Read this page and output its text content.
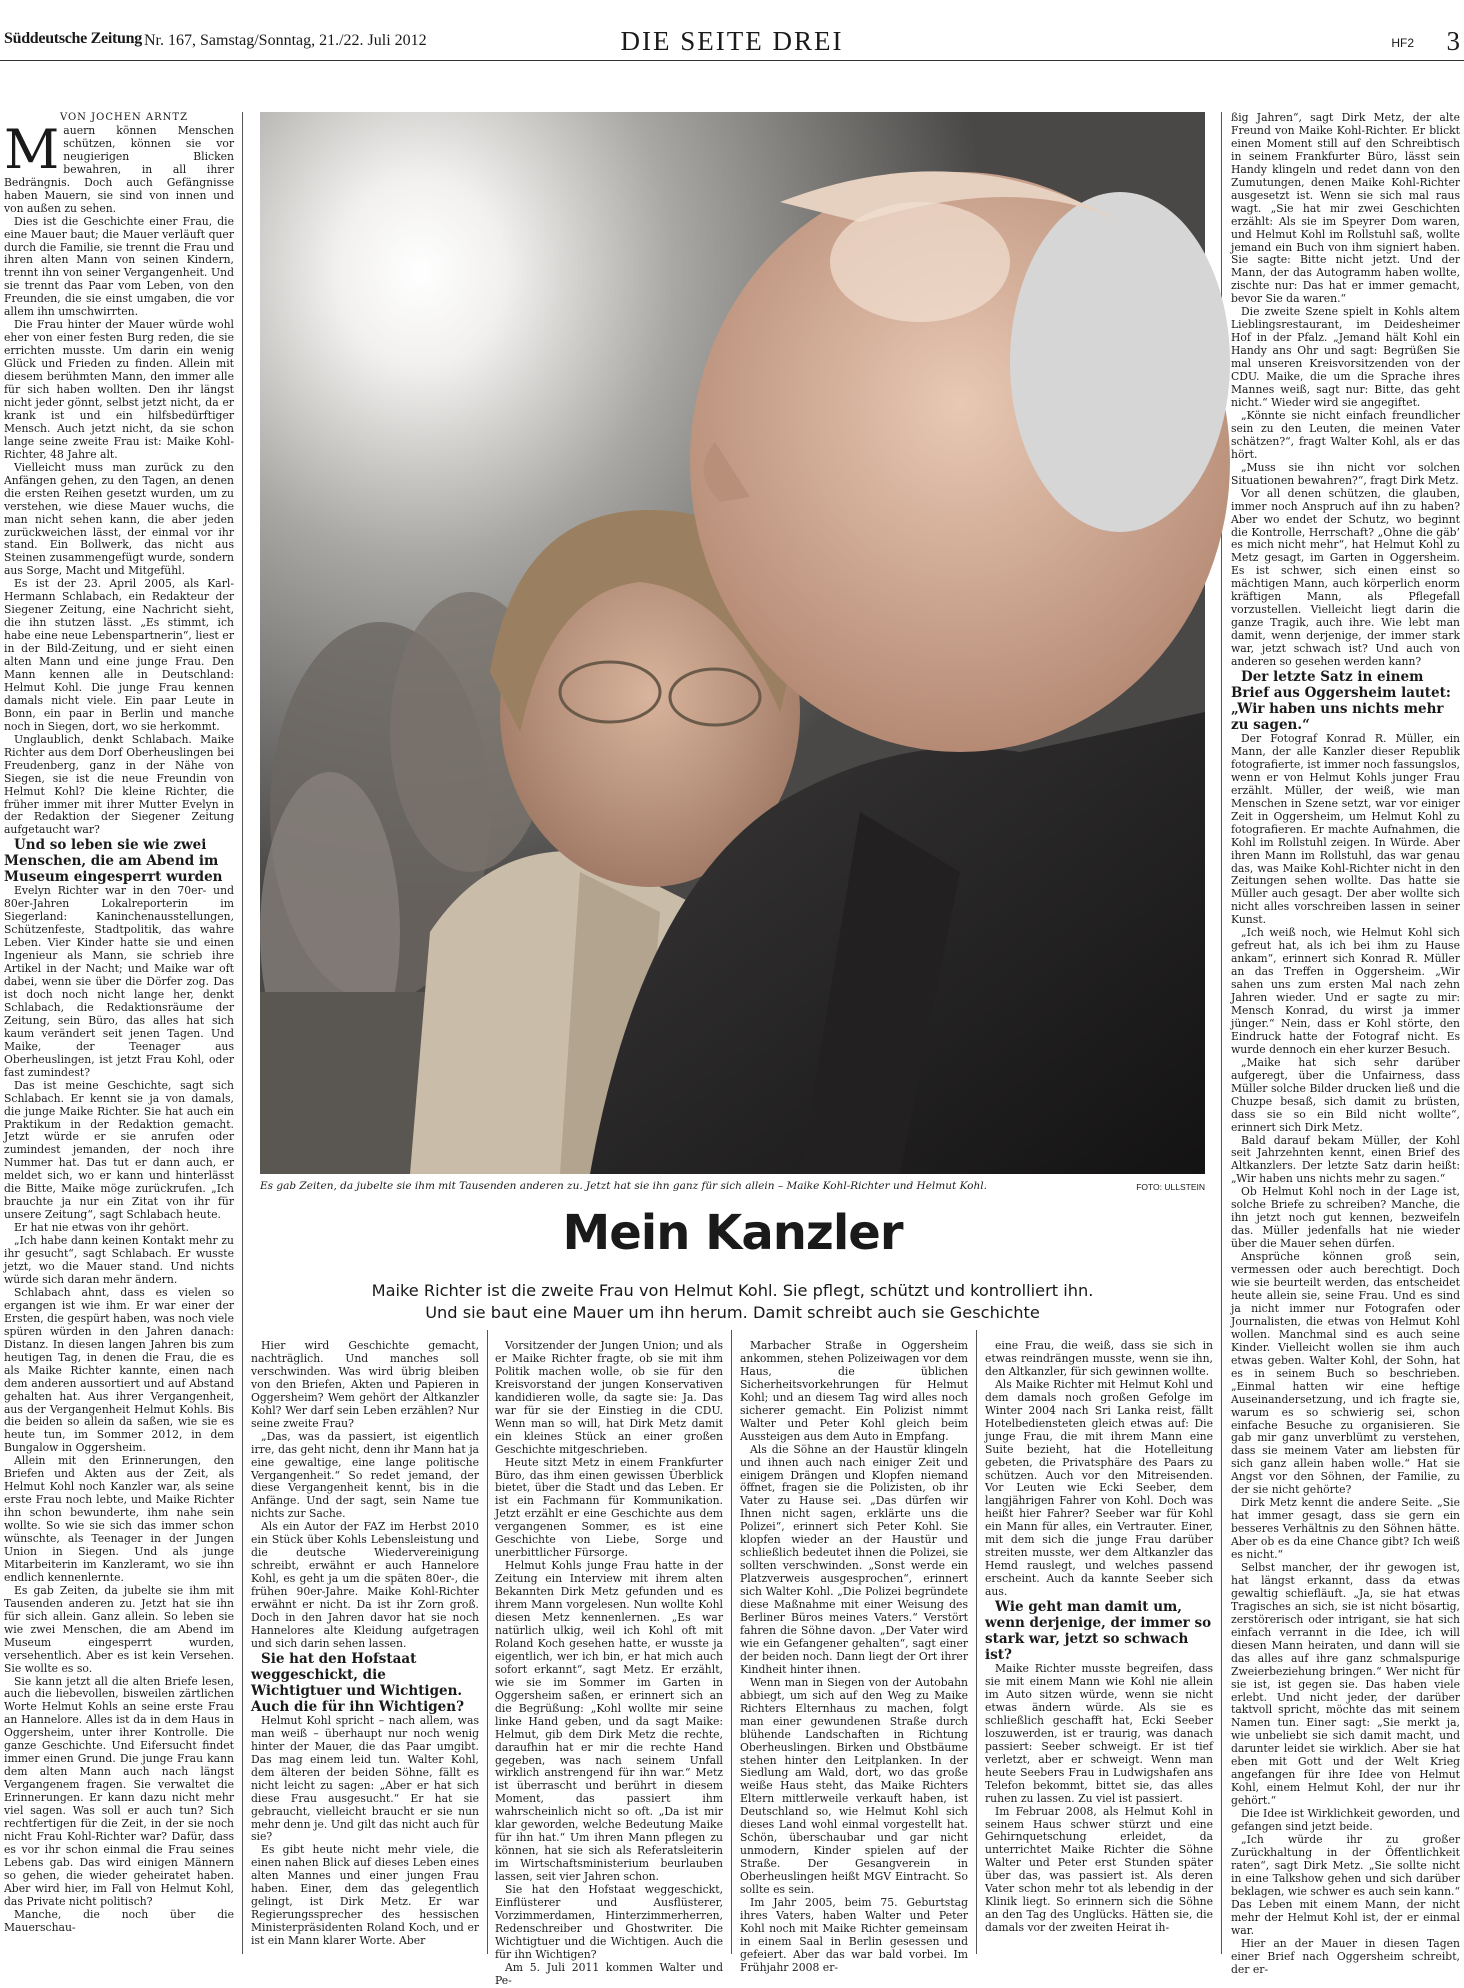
Süddeutsche Zeitung Nr. 167, Samstag/Sonntag, 21./22. Juli 2012	DIE SEITE DREI	HF2 3

VON JOCHEN ARNTZ

Mauern können Menschen schützen, können sie vor neugierigen Blicken bewahren, in all ihrer Bedrängnis. Doch auch Gefängnisse haben Mauern, sie sind von innen und von außen zu sehen.

Dies ist die Geschichte einer Frau, die eine Mauer baut; die Mauer verläuft quer durch die Familie, sie trennt die Frau und ihren alten Mann von seinen Kindern, trennt ihn von seiner Vergangenheit. Und sie trennt das Paar vom Leben, von den Freunden, die sie einst umgaben, die vor allem ihn umschwirrten.

Die Frau hinter der Mauer würde wohl eher von einer festen Burg reden, die sie errichten musste. Um darin ein wenig Glück und Frieden zu finden. Allein mit diesem berühmten Mann, den immer alle für sich haben wollten. Den ihr längst nicht jeder gönnt, selbst jetzt nicht, da er krank ist und ein hilfsbedürftiger Mensch. Auch jetzt nicht, da sie schon lange seine zweite Frau ist: Maike Kohl-Richter, 48 Jahre alt.

Vielleicht muss man zurück zu den Anfängen gehen, zu den Tagen, an denen die ersten Reihen gesetzt wurden, um zu verstehen, wie diese Mauer wuchs, die man nicht sehen kann, die aber jeden zurückweichen lässt, der einmal vor ihr stand. Ein Bollwerk, das nicht aus Steinen zusammengefügt wurde, sondern aus Sorge, Macht und Mitgefühl.

Es ist der 23. April 2005, als Karl-Hermann Schlabach, ein Redakteur der Siegener Zeitung, eine Nachricht sieht, die ihn stutzen lässt. „Es stimmt, ich habe eine neue Lebenspartnerin“, liest er in der Bild-Zeitung, und er sieht einen alten Mann und eine junge Frau. Den Mann kennen alle in Deutschland: Helmut Kohl. Die junge Frau kennen damals nicht viele. Ein paar Leute in Bonn, ein paar in Berlin und manche noch in Siegen, dort, wo sie herkommt.

Unglaublich, denkt Schlabach. Maike Richter aus dem Dorf Oberheuslingen bei Freudenberg, ganz in der Nähe von Siegen, sie ist die neue Freundin von Helmut Kohl? Die kleine Richter, die früher immer mit ihrer Mutter Evelyn in der Redaktion der Siegener Zeitung aufgetaucht war?

Und so leben sie wie zwei Menschen, die am Abend im Museum eingesperrt wurden

Evelyn Richter war in den 70er- und 80er-Jahren Lokalreporterin im Siegerland: Kaninchenausstellungen, Schützenfeste, Stadtpolitik, das wahre Leben. Vier Kinder hatte sie und einen Ingenieur als Mann, sie schrieb ihre Artikel in der Nacht; und Maike war oft dabei, wenn sie über die Dörfer zog. Das ist doch noch nicht lange her, denkt Schlabach, die Redaktionsräume der Zeitung, sein Büro, das alles hat sich kaum verändert seit jenen Tagen. Und Maike, der Teenager aus Oberheuslingen, ist jetzt Frau Kohl, oder fast zumindest?

Das ist meine Geschichte, sagt sich Schlabach. Er kennt sie ja von damals, die junge Maike Richter. Sie hat auch ein Praktikum in der Redaktion gemacht. Jetzt würde er sie anrufen oder zumindest jemanden, der noch ihre Nummer hat. Das tut er dann auch, er meldet sich, wo er kann und hinterlässt die Bitte, Maike möge zurückrufen. „Ich brauchte ja nur ein Zitat von ihr für unsere Zeitung“, sagt Schlabach heute.

Er hat nie etwas von ihr gehört.

„Ich habe dann keinen Kontakt mehr zu ihr gesucht“, sagt Schlabach. Er wusste jetzt, wo die Mauer stand. Und nichts würde sich daran mehr ändern.

Schlabach ahnt, dass es vielen so ergangen ist wie ihm. Er war einer der Ersten, die gespürt haben, was noch viele spüren würden in den Jahren danach: Distanz. In diesen langen Jahren bis zum heutigen Tag, in denen die Frau, die es als Maike Richter kannte, einen nach dem anderen aussortiert und auf Abstand gehalten hat. Aus ihrer Vergangenheit, aus der Vergangenheit Helmut Kohls. Bis die beiden so allein da saßen, wie sie es heute tun, im Sommer 2012, in dem Bungalow in Oggersheim.

Allein mit den Erinnerungen, den Briefen und Akten aus der Zeit, als Helmut Kohl noch Kanzler war, als seine erste Frau noch lebte, und Maike Richter ihn schon bewunderte, ihm nahe sein wollte. So wie sie sich das immer schon wünschte, als Teenager in der Jungen Union in Siegen. Und als junge Mitarbeiterin im Kanzleramt, wo sie ihn endlich kennenlernte.

Es gab Zeiten, da jubelte sie ihm mit Tausenden anderen zu. Jetzt hat sie ihn für sich allein. Ganz allein. So leben sie wie zwei Menschen, die am Abend im Museum eingesperrt wurden, versehentlich. Aber es ist kein Versehen. Sie wollte es so.

Sie kann jetzt all die alten Briefe lesen, auch die liebevollen, bisweilen zärtlichen Worte Helmut Kohls an seine erste Frau an Hannelore. Alles ist da in dem Haus in Oggersheim, unter ihrer Kontrolle. Die ganze Geschichte. Und Eifersucht findet immer einen Grund. Die junge Frau kann dem alten Mann auch nach längst Vergangenem fragen. Sie verwaltet die Erinnerungen. Er kann dazu nicht mehr viel sagen. Was soll er auch tun? Sich rechtfertigen für die Zeit, in der sie noch nicht Frau Kohl-Richter war? Dafür, dass es vor ihr schon einmal die Frau seines Lebens gab. Das wird einigen Männern so gehen, die wieder geheiratet haben. Aber wird hier, im Fall von Helmut Kohl, das Private nicht politisch?

Manche, die noch über die Mauerschau-

Es gab Zeiten, da jubelte sie ihm mit Tausenden anderen zu. Jetzt hat sie ihn ganz für sich allein – Maike Kohl-Richter und Helmut Kohl.	FOTO: ULLSTEIN
Mein Kanzler
Maike Richter ist die zweite Frau von Helmut Kohl. Sie pflegt, schützt und kontrolliert ihn.
Und sie baut eine Mauer um ihn herum. Damit schreibt auch sie Geschichte

Hier wird Geschichte gemacht, nachträglich. Und manches soll verschwinden. Was wird übrig bleiben von den Briefen, Akten und Papieren in Oggersheim? Wem gehört der Altkanzler Kohl? Wer darf sein Leben erzählen? Nur seine zweite Frau?

„Das, was da passiert, ist eigentlich irre, das geht nicht, denn ihr Mann hat ja eine gewaltige, eine lange politische Vergangenheit.“ So redet jemand, der diese Vergangenheit kennt, bis in die Anfänge. Und der sagt, sein Name tue nichts zur Sache.

Als ein Autor der FAZ im Herbst 2010 ein Stück über Kohls Lebensleistung und die deutsche Wiedervereinigung schreibt, erwähnt er auch Hannelore Kohl, es geht ja um die späten 80er-, die frühen 90er-Jahre. Maike Kohl-Richter erwähnt er nicht. Da ist ihr Zorn groß. Doch in den Jahren davor hat sie noch Hannelores alte Kleidung aufgetragen und sich darin sehen lassen.

Sie hat den Hofstaat weggeschickt, die Wichtigtuer und Wichtigen. Auch die für ihn Wichtigen?

Helmut Kohl spricht – nach allem, was man weiß – überhaupt nur noch wenig hinter der Mauer, die das Paar umgibt. Das mag einem leid tun. Walter Kohl, dem älteren der beiden Söhne, fällt es nicht leicht zu sagen: „Aber er hat sich diese Frau ausgesucht.“ Er hat sie gebraucht, vielleicht braucht er sie nun mehr denn je. Und gilt das nicht auch für sie?

Es gibt heute nicht mehr viele, die einen nahen Blick auf dieses Leben eines alten Mannes und einer jungen Frau haben. Einer, dem das gelegentlich gelingt, ist Dirk Metz. Er war Regierungssprecher des hessischen Ministerpräsidenten Roland Koch, und er ist ein Mann klarer Worte. Aber

Vorsitzender der Jungen Union; und als er Maike Richter fragte, ob sie mit ihm Politik machen wolle, ob sie für den Kreisvorstand der jungen Konservativen kandidieren wolle, da sagte sie: Ja. Das war für sie der Einstieg in die CDU. Wenn man so will, hat Dirk Metz damit ein kleines Stück an einer großen Geschichte mitgeschrieben.

Heute sitzt Metz in einem Frankfurter Büro, das ihm einen gewissen Überblick bietet, über die Stadt und das Leben. Er ist ein Fachmann für Kommunikation. Jetzt erzählt er eine Geschichte aus dem vergangenen Sommer, es ist eine Geschichte von Liebe, Sorge und unerbittlicher Fürsorge.

Helmut Kohls junge Frau hatte in der Zeitung ein Interview mit ihrem alten Bekannten Dirk Metz gefunden und es ihrem Mann vorgelesen. Nun wollte Kohl diesen Metz kennenlernen. „Es war natürlich ulkig, weil ich Kohl oft mit Roland Koch gesehen hatte, er wusste ja eigentlich, wer ich bin, er hat mich auch sofort erkannt“, sagt Metz. Er erzählt, wie sie im Sommer im Garten in Oggersheim saßen, er erinnert sich an die Begrüßung: „Kohl wollte mir seine linke Hand geben, und da sagt Maike: Helmut, gib dem Dirk Metz die rechte, daraufhin hat er mir die rechte Hand gegeben, was nach seinem Unfall wirklich anstrengend für ihn war.“ Metz ist überrascht und berührt in diesem Moment, das passiert ihm wahrscheinlich nicht so oft. „Da ist mir klar geworden, welche Bedeutung Maike für ihn hat.“ Um ihren Mann pflegen zu können, hat sie sich als Referatsleiterin im Wirtschaftsministerium beurlauben lassen, seit vier Jahren schon.

Sie hat den Hofstaat weggeschickt, Einflüsterer und Ausflüsterer, Vorzimmerdamen, Hinterzimmerherren, Redenschreiber und Ghostwriter. Die Wichtigtuer und die Wichtigen. Auch die für ihn Wichtigen?

Am 5. Juli 2011 kommen Walter und Pe-

Marbacher Straße in Oggersheim ankommen, stehen Polizeiwagen vor dem Haus, die üblichen Sicherheitsvorkehrungen für Helmut Kohl; und an diesem Tag wird alles noch sicherer gemacht. Ein Polizist nimmt Walter und Peter Kohl gleich beim Aussteigen aus dem Auto in Empfang.

Als die Söhne an der Haustür klingeln und ihnen auch nach einiger Zeit und einigem Drängen und Klopfen niemand öffnet, fragen sie die Polizisten, ob ihr Vater zu Hause sei. „Das dürfen wir Ihnen nicht sagen, erklärte uns die Polizei“, erinnert sich Peter Kohl. Sie klopfen wieder an der Haustür und schließlich bedeutet ihnen die Polizei, sie sollten verschwinden. „Sonst werde ein Platzverweis ausgesprochen“, erinnert sich Walter Kohl. „Die Polizei begründete diese Maßnahme mit einer Weisung des Berliner Büros meines Vaters.“ Verstört fahren die Söhne davon. „Der Vater wird wie ein Gefangener gehalten“, sagt einer der beiden noch. Dann liegt der Ort ihrer Kindheit hinter ihnen.

Wenn man in Siegen von der Autobahn abbiegt, um sich auf den Weg zu Maike Richters Elternhaus zu machen, folgt man einer gewundenen Straße durch blühende Landschaften in Richtung Oberheuslingen. Birken und Obstbäume stehen hinter den Leitplanken. In der Siedlung am Wald, dort, wo das große weiße Haus steht, das Maike Richters Eltern mittlerweile verkauft haben, ist Deutschland so, wie Helmut Kohl sich dieses Land wohl einmal vorgestellt hat. Schön, überschaubar und gar nicht unmodern, Kinder spielen auf der Straße. Der Gesangverein in Oberheuslingen heißt MGV Eintracht. So sollte es sein.

Im Jahr 2005, beim 75. Geburtstag ihres Vaters, haben Walter und Peter Kohl noch mit Maike Richter gemeinsam in einem Saal in Berlin gesessen und gefeiert. Aber das war bald vorbei. Im Frühjahr 2008 er-

eine Frau, die weiß, dass sie sich in etwas reindrängen musste, wenn sie ihn, den Altkanzler, für sich gewinnen wollte.

Als Maike Richter mit Helmut Kohl und dem damals noch großen Gefolge im Winter 2004 nach Sri Lanka reist, fällt Hotelbediensteten gleich etwas auf: Die junge Frau, die mit ihrem Mann eine Suite bezieht, hat die Hotelleitung gebeten, die Privatsphäre des Paars zu schützen. Auch vor den Mitreisenden. Vor Leuten wie Ecki Seeber, dem langjährigen Fahrer von Kohl. Doch was heißt hier Fahrer? Seeber war für Kohl ein Mann für alles, ein Vertrauter. Einer, mit dem sich die junge Frau darüber streiten musste, wer dem Altkanzler das Hemd rauslegt, und welches passend erscheint. Auch da kannte Seeber sich aus.

Wie geht man damit um, wenn derjenige, der immer so stark war, jetzt so schwach ist?

Maike Richter musste begreifen, dass sie mit einem Mann wie Kohl nie allein im Auto sitzen würde, wenn sie nicht etwas ändern würde. Als sie es schließlich geschafft hat, Ecki Seeber loszuwerden, ist er traurig, was danach passiert: Seeber schweigt. Er ist tief verletzt, aber er schweigt. Wenn man heute Seebers Frau in Ludwigshafen ans Telefon bekommt, bittet sie, das alles ruhen zu lassen. Zu viel ist passiert.

Im Februar 2008, als Helmut Kohl in seinem Haus schwer stürzt und eine Gehirnquetschung erleidet, da unterrichtet Maike Richter die Söhne Walter und Peter erst Stunden später über das, was passiert ist. Als deren Vater schon mehr tot als lebendig in der Klinik liegt. So erinnern sich die Söhne an den Tag des Unglücks. Hätten sie, die damals vor der zweiten Heirat ih-

ßig Jahren“, sagt Dirk Metz, der alte Freund von Maike Kohl-Richter. Er blickt einen Moment still auf den Schreibtisch in seinem Frankfurter Büro, lässt sein Handy klingeln und redet dann von den Zumutungen, denen Maike Kohl-Richter ausgesetzt ist. Wenn sie sich mal raus wagt. „Sie hat mir zwei Geschichten erzählt: Als sie im Speyrer Dom waren, und Helmut Kohl im Rollstuhl saß, wollte jemand ein Buch von ihm signiert haben. Sie sagte: Bitte nicht jetzt. Und der Mann, der das Autogramm haben wollte, zischte nur: Das hat er immer gemacht, bevor Sie da waren.“

Die zweite Szene spielt in Kohls altem Lieblingsrestaurant, im Deidesheimer Hof in der Pfalz. „Jemand hält Kohl ein Handy ans Ohr und sagt: Begrüßen Sie mal unseren Kreisvorsitzenden von der CDU. Maike, die um die Sprache ihres Mannes weiß, sagt nur: Bitte, das geht nicht.“ Wieder wird sie angegiftet.

„Könnte sie nicht einfach freundlicher sein zu den Leuten, die meinen Vater schätzen?“, fragt Walter Kohl, als er das hört.

„Muss sie ihn nicht vor solchen Situationen bewahren?“, fragt Dirk Metz.

Vor all denen schützen, die glauben, immer noch Anspruch auf ihn zu haben? Aber wo endet der Schutz, wo beginnt die Kontrolle, Herrschaft? „Ohne die gäb’ es mich nicht mehr“, hat Helmut Kohl zu Metz gesagt, im Garten in Oggersheim. Es ist schwer, sich einen einst so mächtigen Mann, auch körperlich enorm kräftigen Mann, als Pflegefall vorzustellen. Vielleicht liegt darin die ganze Tragik, auch ihre. Wie lebt man damit, wenn derjenige, der immer stark war, jetzt schwach ist? Und auch von anderen so gesehen werden kann?

Der letzte Satz in einem Brief aus Oggersheim lautet: „Wir haben uns nichts mehr zu sagen.“

Der Fotograf Konrad R. Müller, ein Mann, der alle Kanzler dieser Republik fotografierte, ist immer noch fassungslos, wenn er von Helmut Kohls junger Frau erzählt. Müller, der weiß, wie man Menschen in Szene setzt, war vor einiger Zeit in Oggersheim, um Helmut Kohl zu fotografieren. Er machte Aufnahmen, die Kohl im Rollstuhl zeigen. In Würde. Aber ihren Mann im Rollstuhl, das war genau das, was Maike Kohl-Richter nicht in den Zeitungen sehen wollte. Das hatte sie Müller auch gesagt. Der aber wollte sich nicht alles vorschreiben lassen in seiner Kunst.

„Ich weiß noch, wie Helmut Kohl sich gefreut hat, als ich bei ihm zu Hause ankam“, erinnert sich Konrad R. Müller an das Treffen in Oggersheim. „Wir sahen uns zum ersten Mal nach zehn Jahren wieder. Und er sagte zu mir: Mensch Konrad, du wirst ja immer jünger.“ Nein, dass er Kohl störte, den Eindruck hatte der Fotograf nicht. Es wurde dennoch ein eher kurzer Besuch.

„Maike hat sich sehr darüber aufgeregt, über die Unfairness, dass Müller solche Bilder drucken ließ und die Chuzpe besaß, sich damit zu brüsten, dass sie so ein Bild nicht wollte“, erinnert sich Dirk Metz.

Bald darauf bekam Müller, der Kohl seit Jahrzehnten kennt, einen Brief des Altkanzlers. Der letzte Satz darin heißt: „Wir haben uns nichts mehr zu sagen.“

Ob Helmut Kohl noch in der Lage ist, solche Briefe zu schreiben? Manche, die ihn jetzt noch gut kennen, bezweifeln das. Müller jedenfalls hat nie wieder über die Mauer sehen dürfen.

Ansprüche können groß sein, vermessen oder auch berechtigt. Doch wie sie beurteilt werden, das entscheidet heute allein sie, seine Frau. Und es sind ja nicht immer nur Fotografen oder Journalisten, die etwas von Helmut Kohl wollen. Manchmal sind es auch seine Kinder. Vielleicht wollen sie ihm auch etwas geben. Walter Kohl, der Sohn, hat es in seinem Buch so beschrieben. „Einmal hatten wir eine heftige Auseinandersetzung, und ich fragte sie, warum es so schwierig sei, schon einfache Besuche zu organisieren. Sie gab mir ganz unverblümt zu verstehen, dass sie meinem Vater am liebsten für sich ganz allein haben wolle.“ Hat sie Angst vor den Söhnen, der Familie, zu der sie nicht gehörte?

Dirk Metz kennt die andere Seite. „Sie hat immer gesagt, dass sie gern ein besseres Verhältnis zu den Söhnen hätte. Aber ob es da eine Chance gibt? Ich weiß es nicht.“

Selbst mancher, der ihr gewogen ist, hat längst erkannt, dass da etwas gewaltig schiefläuft. „Ja, sie hat etwas Tragisches an sich, sie ist nicht bösartig, zerstörerisch oder intrigant, sie hat sich einfach verrannt in die Idee, ich will diesen Mann heiraten, und dann will sie das alles auf ihre ganz schmalspurige Zweierbeziehung bringen.“ Wer nicht für sie ist, ist gegen sie. Das haben viele erlebt. Und nicht jeder, der darüber taktvoll spricht, möchte das mit seinem Namen tun. Einer sagt: „Sie merkt ja, wie unbeliebt sie sich damit macht, und darunter leidet sie wirklich. Aber sie hat eben mit Gott und der Welt Krieg angefangen für ihre Idee von Helmut Kohl, einem Helmut Kohl, der nur ihr gehört.“

Die Idee ist Wirklichkeit geworden, und gefangen sind jetzt beide.

„Ich würde ihr zu großer Zurückhaltung in der Öffentlichkeit raten“, sagt Dirk Metz. „Sie sollte nicht in eine Talkshow gehen und sich darüber beklagen, wie schwer es auch sein kann.“ Das Leben mit einem Mann, der nicht mehr der Helmut Kohl ist, der er einmal war.

Hier an der Mauer in diesen Tagen einer Brief nach Oggersheim schreibt, der er-
